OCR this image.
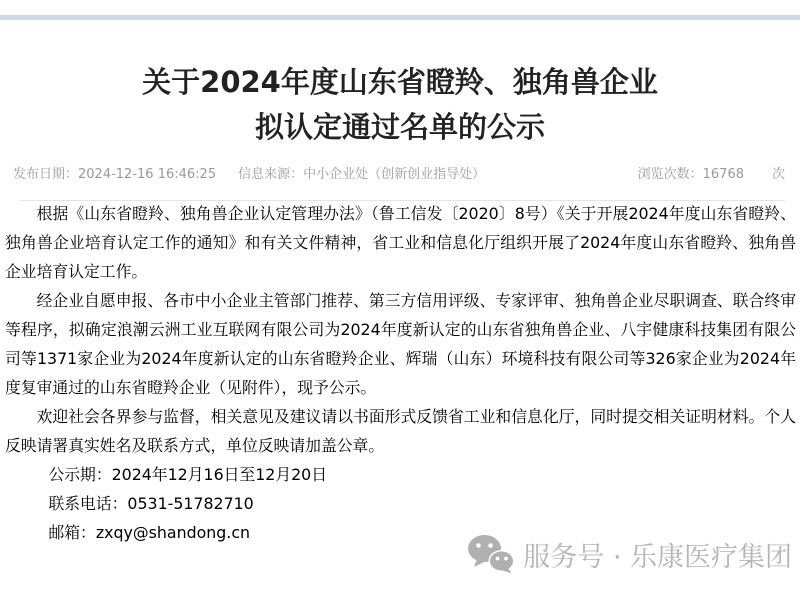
关于2024年度山东省瞪羚、独角兽企业
拟认定通过名单的公示
发布日期：2024-12-16 16:46:25 信息来源：中小企业处（创新创业指导处）	浏览次数：16768 次

根据《山东省瞪羚、独角兽企业认定管理办法》（鲁工信发〔2020〕8号）《关于开展2024年度山东省瞪羚、独角兽企业培育认定工作的通知》和有关文件精神，省工业和信息化厅组织开展了2024年度山东省瞪羚、独角兽企业培育认定工作。

经企业自愿申报、各市中小企业主管部门推荐、第三方信用评级、专家评审、独角兽企业尽职调查、联合终审等程序，拟确定浪潮云洲工业互联网有限公司为2024年度新认定的山东省独角兽企业、八宇健康科技集团有限公司等1371家企业为2024年度新认定的山东省瞪羚企业、辉瑞（山东）环境科技有限公司等326家企业为2024年度复审通过的山东省瞪羚企业（见附件），现予公示。

欢迎社会各界参与监督，相关意见及建议请以书面形式反馈省工业和信息化厅，同时提交相关证明材料。个人反映请署真实姓名及联系方式，单位反映请加盖公章。

公示期：2024年12月16日至12月20日

联系电话：0531-51782710

邮箱：zxqy@shandong.cn

服务号 · 乐康医疗集团
